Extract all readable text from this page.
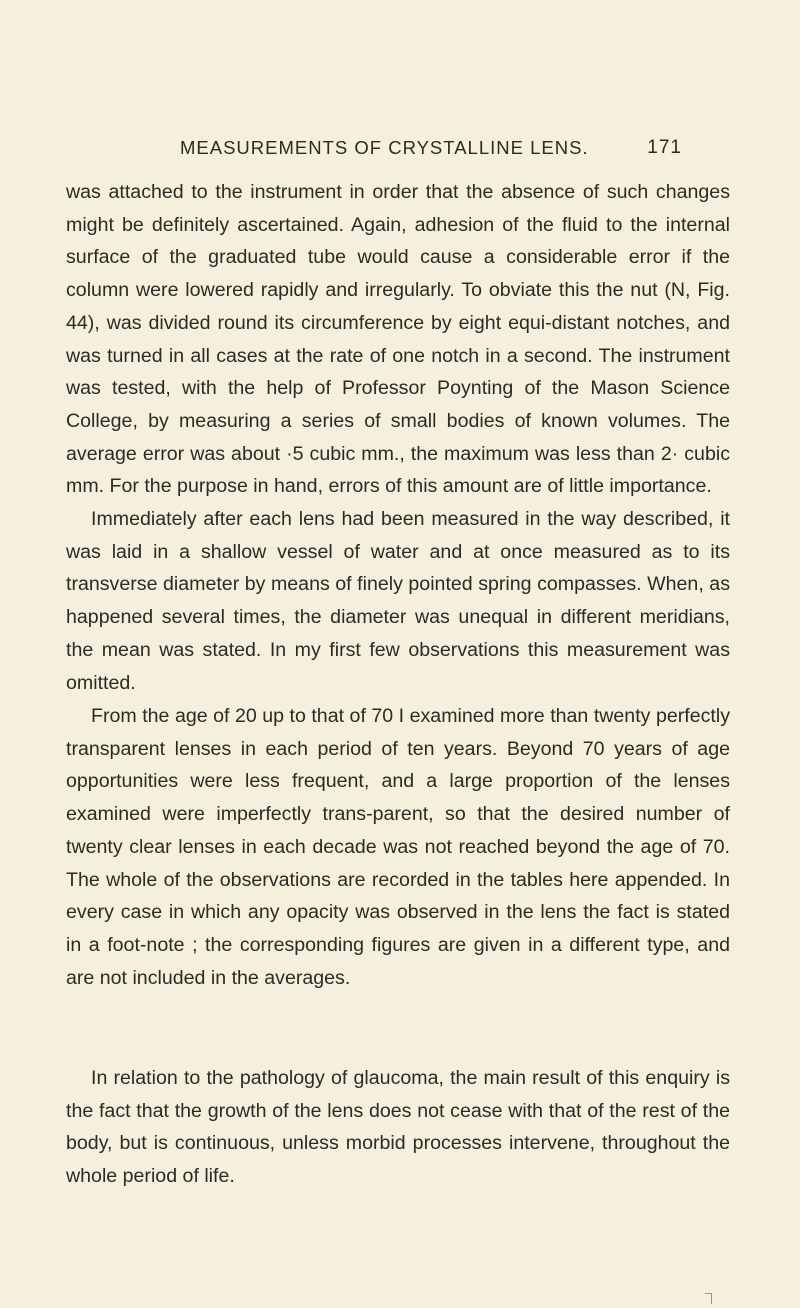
MEASUREMENTS OF CRYSTALLINE LENS.	171

was attached to the instrument in order that the absence of such changes might be definitely ascertained. Again, adhesion of the fluid to the internal surface of the graduated tube would cause a considerable error if the column were lowered rapidly and irregularly. To obviate this the nut (N, Fig. 44), was divided round its circumference by eight equi-distant notches, and was turned in all cases at the rate of one notch in a second. The instrument was tested, with the help of Professor Poynting of the Mason Science College, by measuring a series of small bodies of known volumes. The average error was about ·5 cubic mm., the maximum was less than 2· cubic mm. For the purpose in hand, errors of this amount are of little importance.

Immediately after each lens had been measured in the way described, it was laid in a shallow vessel of water and at once measured as to its transverse diameter by means of finely pointed spring compasses. When, as happened several times, the diameter was unequal in different meridians, the mean was stated. In my first few observations this measurement was omitted.

From the age of 20 up to that of 70 I examined more than twenty perfectly transparent lenses in each period of ten years. Beyond 70 years of age opportunities were less frequent, and a large proportion of the lenses examined were imperfectly trans-parent, so that the desired number of twenty clear lenses in each decade was not reached beyond the age of 70. The whole of the observations are recorded in the tables here appended. In every case in which any opacity was observed in the lens the fact is stated in a foot-note ; the corresponding figures are given in a different type, and are not included in the averages.

In relation to the pathology of glaucoma, the main result of this enquiry is the fact that the growth of the lens does not cease with that of the rest of the body, but is continuous, unless morbid processes intervene, throughout the whole period of life.
